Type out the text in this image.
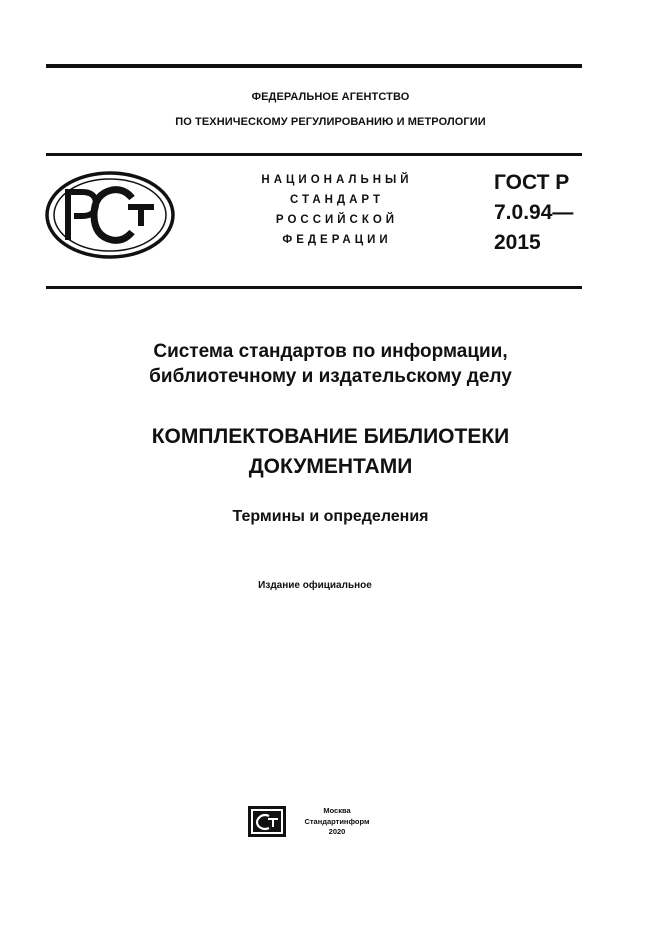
ФЕДЕРАЛЬНОЕ АГЕНТСТВО
ПО ТЕХНИЧЕСКОМУ РЕГУЛИРОВАНИЮ И МЕТРОЛОГИИ
НАЦИОНАЛЬНЫЙ
СТАНДАРТ
РОССИЙСКОЙ
ФЕДЕРАЦИИ
ГОСТ Р
7.0.94—
2015
Система стандартов по информации,
библиотечному и издательскому делу
КОМПЛЕКТОВАНИЕ БИБЛИОТЕКИ
ДОКУМЕНТАМИ
Термины и определения
Издание официальное
Москва
Стандартинформ
2020
